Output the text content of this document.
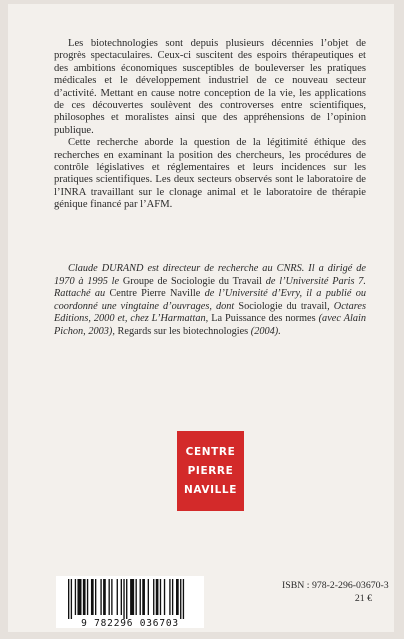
Les biotechnologies sont depuis plusieurs décennies l’objet de progrès spectaculaires. Ceux-ci suscitent des espoirs thérapeutiques et des ambitions économiques susceptibles de bouleverser les pratiques médicales et le développement industriel de ce nouveau secteur d’activité. Mettant en cause notre conception de la vie, les applications de ces découvertes soulèvent des controverses entre scientifiques, philosophes et moralistes ainsi que des appréhensions de l’opinion publique.

Cette recherche aborde la question de la légitimité éthique des recherches en examinant la position des chercheurs, les procédures de contrôle législatives et réglementaires et leurs incidences sur les pratiques scientifiques. Les deux secteurs observés sont le laboratoire de l’INRA travaillant sur le clonage animal et le laboratoire de thérapie génique financé par l’AFM.

Claude DURAND est directeur de recherche au CNRS. Il a dirigé de 1970 à 1995 le Groupe de Sociologie du Travail de l’Université Paris 7. Rattaché au Centre Pierre Naville de l’Université d’Evry, il a publié ou coordonné une vingtaine d’ouvrages, dont Sociologie du travail, Octares Editions, 2000 et, chez L’Harmattan, La Puissance des normes (avec Alain Pichon, 2003), Regards sur les biotechnologies (2004).

CENTRE
PIERRE
NAVILLE
9 782296 036703
ISBN : 978-2-296-03670-3
21 €
